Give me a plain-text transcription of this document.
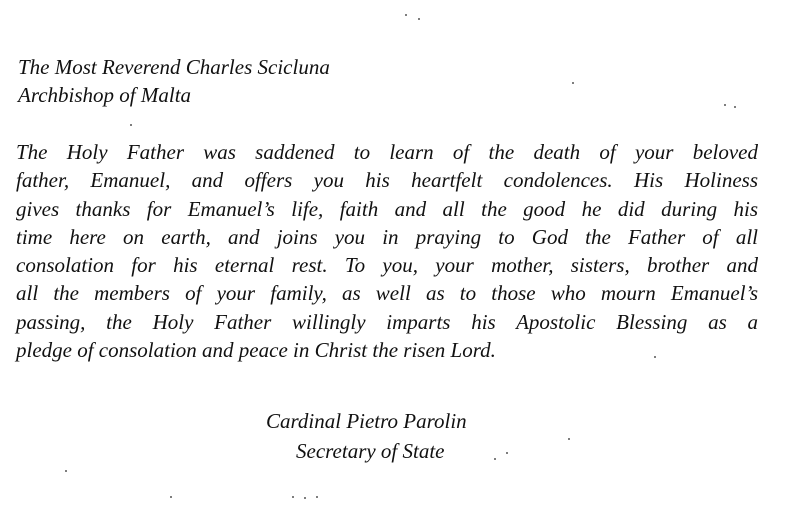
The Most Reverend Charles Scicluna
Archbishop of Malta
The Holy Father was saddened to learn of the death of your beloved
father, Emanuel, and offers you his heartfelt condolences. His Holiness
gives thanks for Emanuel’s life, faith and all the good he did during his
time here on earth, and joins you in praying to God the Father of all
consolation for his eternal rest. To you, your mother, sisters, brother and
all the members of your family, as well as to those who mourn Emanuel’s
passing, the Holy Father willingly imparts his Apostolic Blessing as a
pledge of consolation and peace in Christ the risen Lord.
Cardinal Pietro Parolin
Secretary of State
